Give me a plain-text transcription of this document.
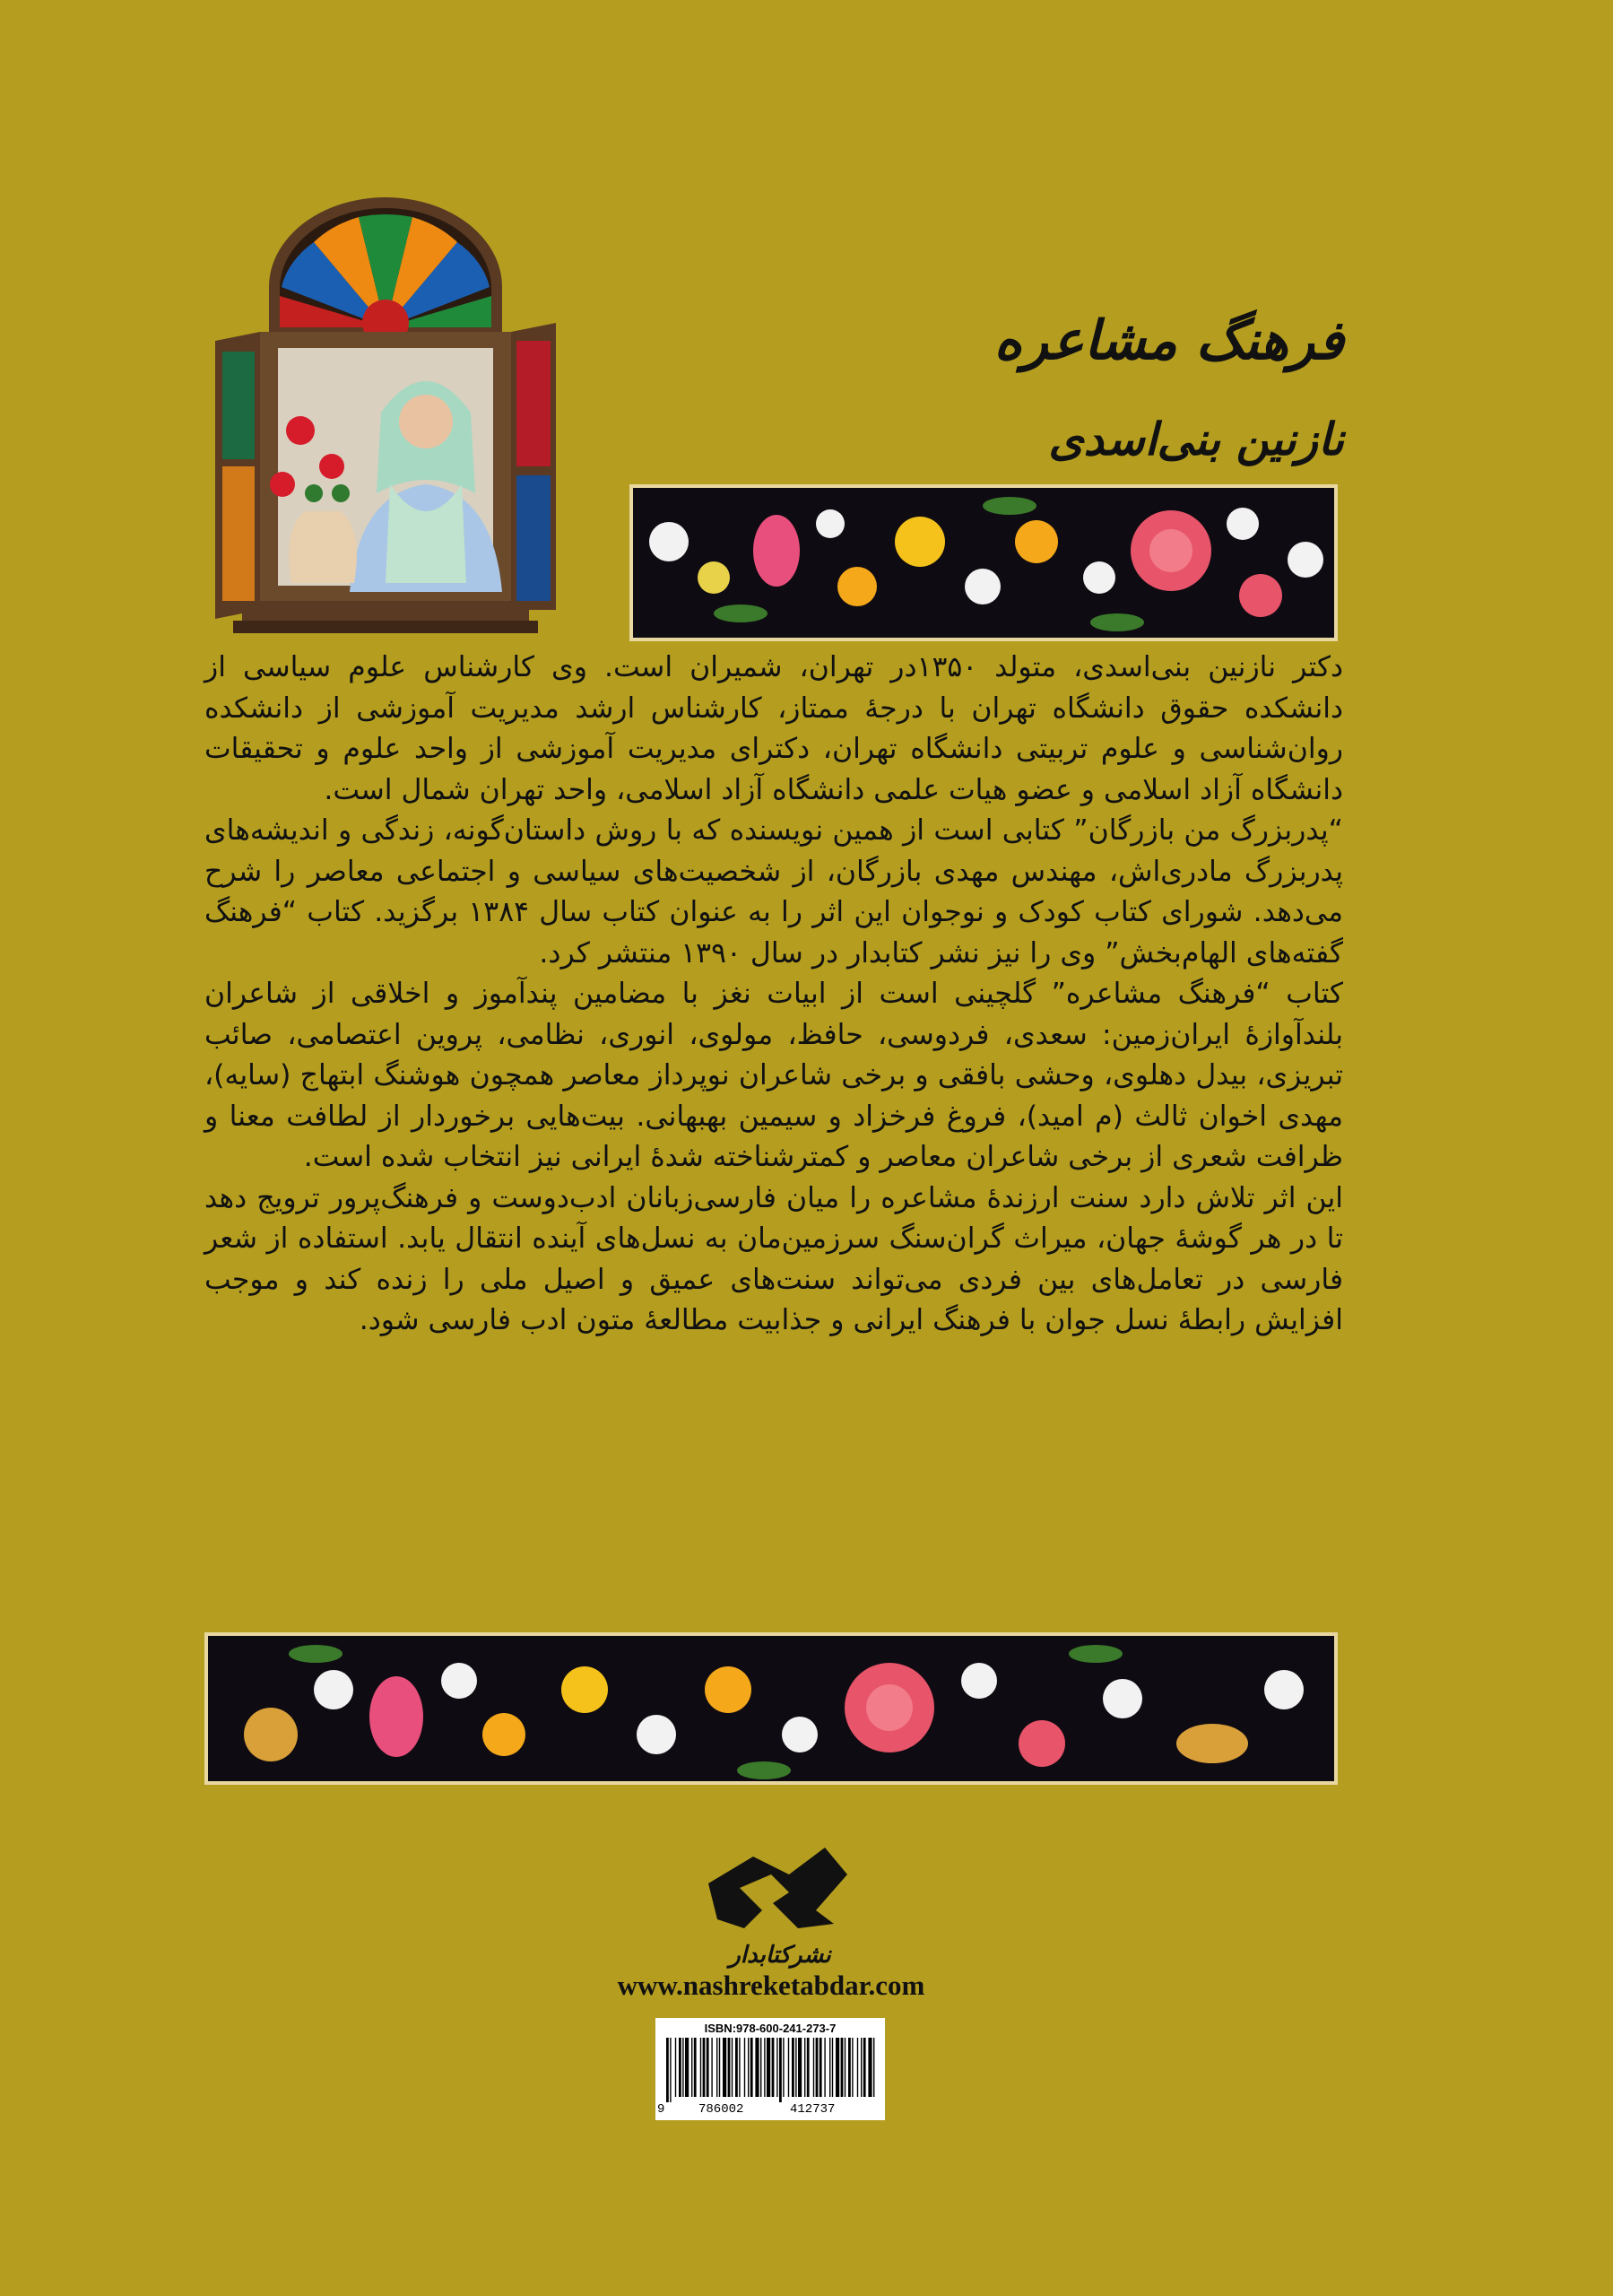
فرهنگ مشاعره
نازنین بنی‌اسدی

دکتر نازنین بنی‌اسدی، متولد ۱۳۵۰در تهران، شمیران است. وی کارشناس علوم سیاسی از دانشکده حقوق دانشگاه تهران با درجهٔ ممتاز، کارشناس ارشد مدیریت آموزشی از دانشکده روان‌شناسی و علوم تربیتی دانشگاه تهران، دکترای مدیریت آموزشی از واحد علوم و تحقیقات دانشگاه آزاد اسلامی و عضو هیات علمی دانشگاه آزاد اسلامی، واحد تهران شمال است.

“پدربزرگ من بازرگان” کتابی است از همین نویسنده که با روش داستان‌گونه، زندگی و اندیشه‌های پدربزرگ مادری‌اش، مهندس مهدی بازرگان، از شخصیت‌های سیاسی و اجتماعی معاصر را شرح می‌دهد. شورای کتاب کودک و نوجوان این اثر را به عنوان کتاب سال ۱۳۸۴ برگزید. کتاب “فرهنگ گفته‌های الهام‌بخش” وی را نیز نشر کتابدار در سال ۱۳۹۰ منتشر کرد.

کتاب “فرهنگ مشاعره” گلچینی است از ابیات نغز با مضامین پندآموز و اخلاقی از شاعران بلندآوازهٔ ایران‌زمین: سعدی، فردوسی، حافظ، مولوی، انوری، نظامی، پروین اعتصامی، صائب تبریزی، بیدل دهلوی، وحشی بافقی و برخی شاعران نوپرداز معاصر همچون هوشنگ ابتهاج (سایه)، مهدی اخوان ثالث (م امید)، فروغ فرخزاد و سیمین بهبهانی. بیت‌هایی برخوردار از لطافت معنا و ظرافت شعری از برخی شاعران معاصر و کمترشناخته شدهٔ ایرانی نیز انتخاب شده است.

این اثر تلاش دارد سنت ارزندهٔ مشاعره را میان فارسی‌زبانان ادب‌دوست و فرهنگ‌پرور ترویج دهد تا در هر گوشهٔ جهان، میراث گران‌سنگ سرزمین‌مان به نسل‌های آینده انتقال یابد. استفاده از شعر فارسی در تعامل‌های بین فردی می‌تواند سنت‌های عمیق و اصیل ملی را زنده کند و موجب افزایش رابطهٔ نسل جوان با فرهنگ ایرانی و جذابیت مطالعهٔ متون ادب فارسی شود.

نشرکتابدار
www.nashreketabdar.com
ISBN:978-600-241-273-7
9	786002	412737
